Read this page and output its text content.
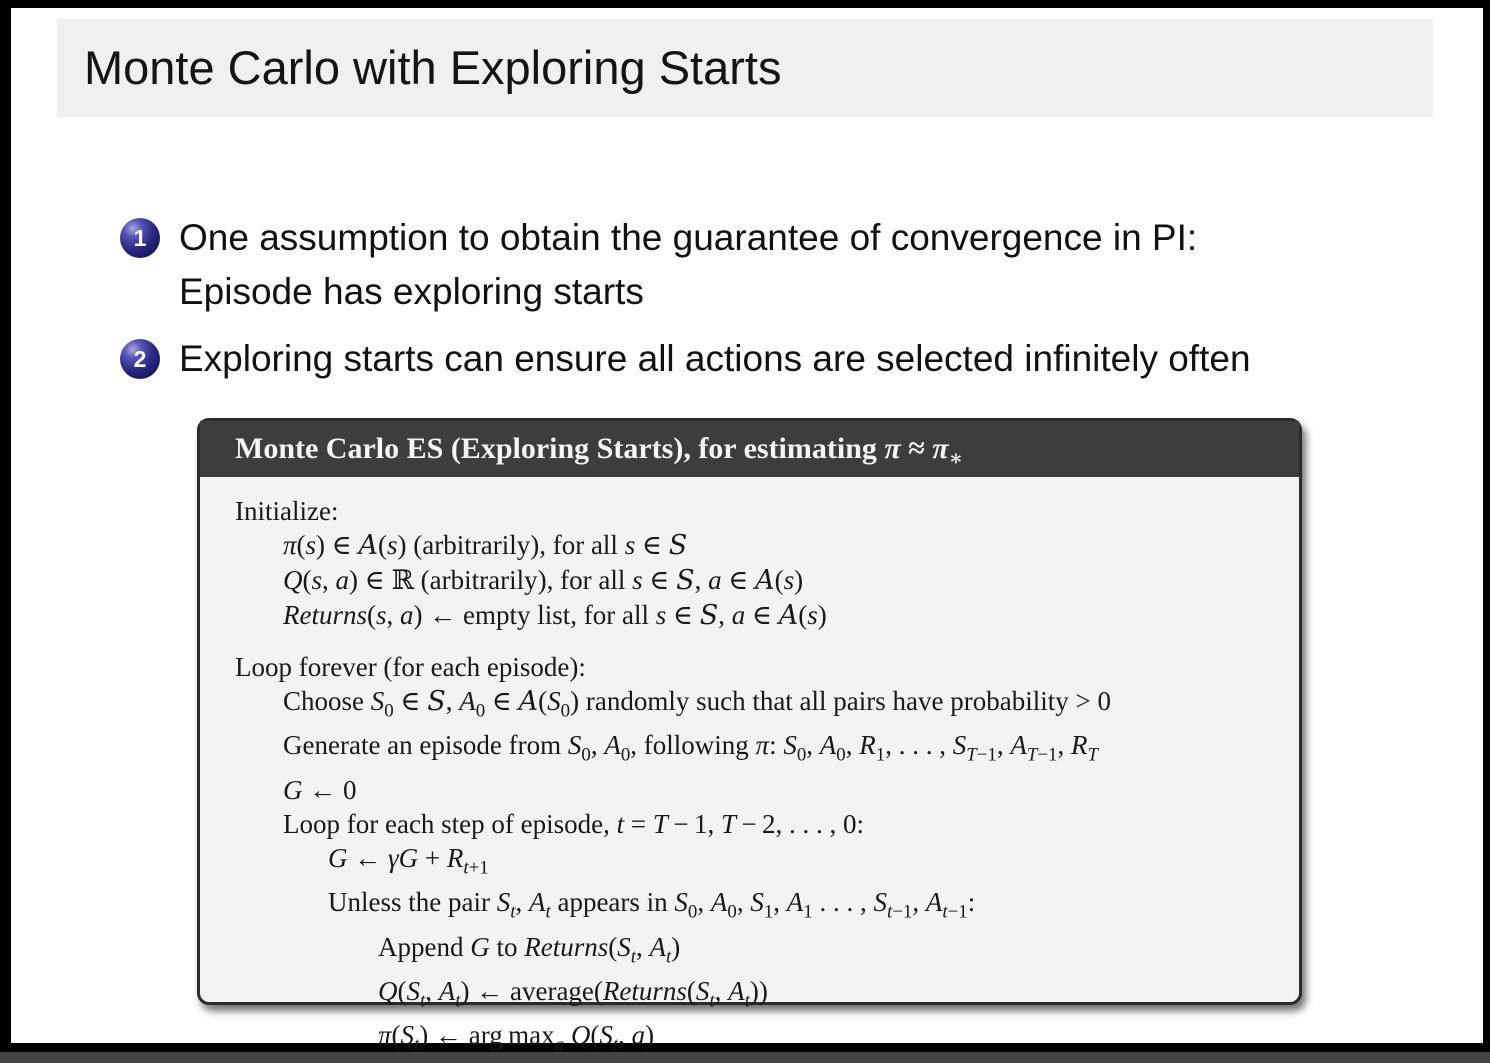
Monte Carlo with Exploring Starts
1 One assumption to obtain the guarantee of convergence in PI:
Episode has exploring starts
2 Exploring starts can ensure all actions are selected infinitely often
Monte Carlo ES (Exploring Starts), for estimating $\pi \approx \pi_∗$
Initialize:
π(s) ∈ A(s) (arbitrarily), for all s ∈ S
Q(s, a) ∈ ℝ (arbitrarily), for all s ∈ S, a ∈ A(s)
Returns(s, a) ← empty list, for all s ∈ S, a ∈ A(s)
Loop forever (for each episode):
Choose $S_0$ ∈ S, $A_0$ ∈ $A(S_0)$ randomly such that all pairs have probability > 0
Generate an episode from $S_0$, $A_0$, following π: $S_0$, $A_0$, $R_1$, . . . , $S_{T-1}$, $A_{T-1}$, $R_T$
G ← 0
Loop for each step of episode, t = T − 1, T − 2, . . . , 0:
G ← $\gamma G + R_{t+1}$
Unless the pair $S_t$, $A_t$ appears in $S_0$, $A_0$, $S_1$, $A_1$ . . . , $S_{t-1}$, $A_{t-1}$:
Append G to $Returns(S_t$, $A_t$)
$Q(S_t$, $A_t$) ← $average(Returns(S_t$, $A_t$))
$\pi(S_t)$ ← arg $\max_a Q(S_t$, a)
